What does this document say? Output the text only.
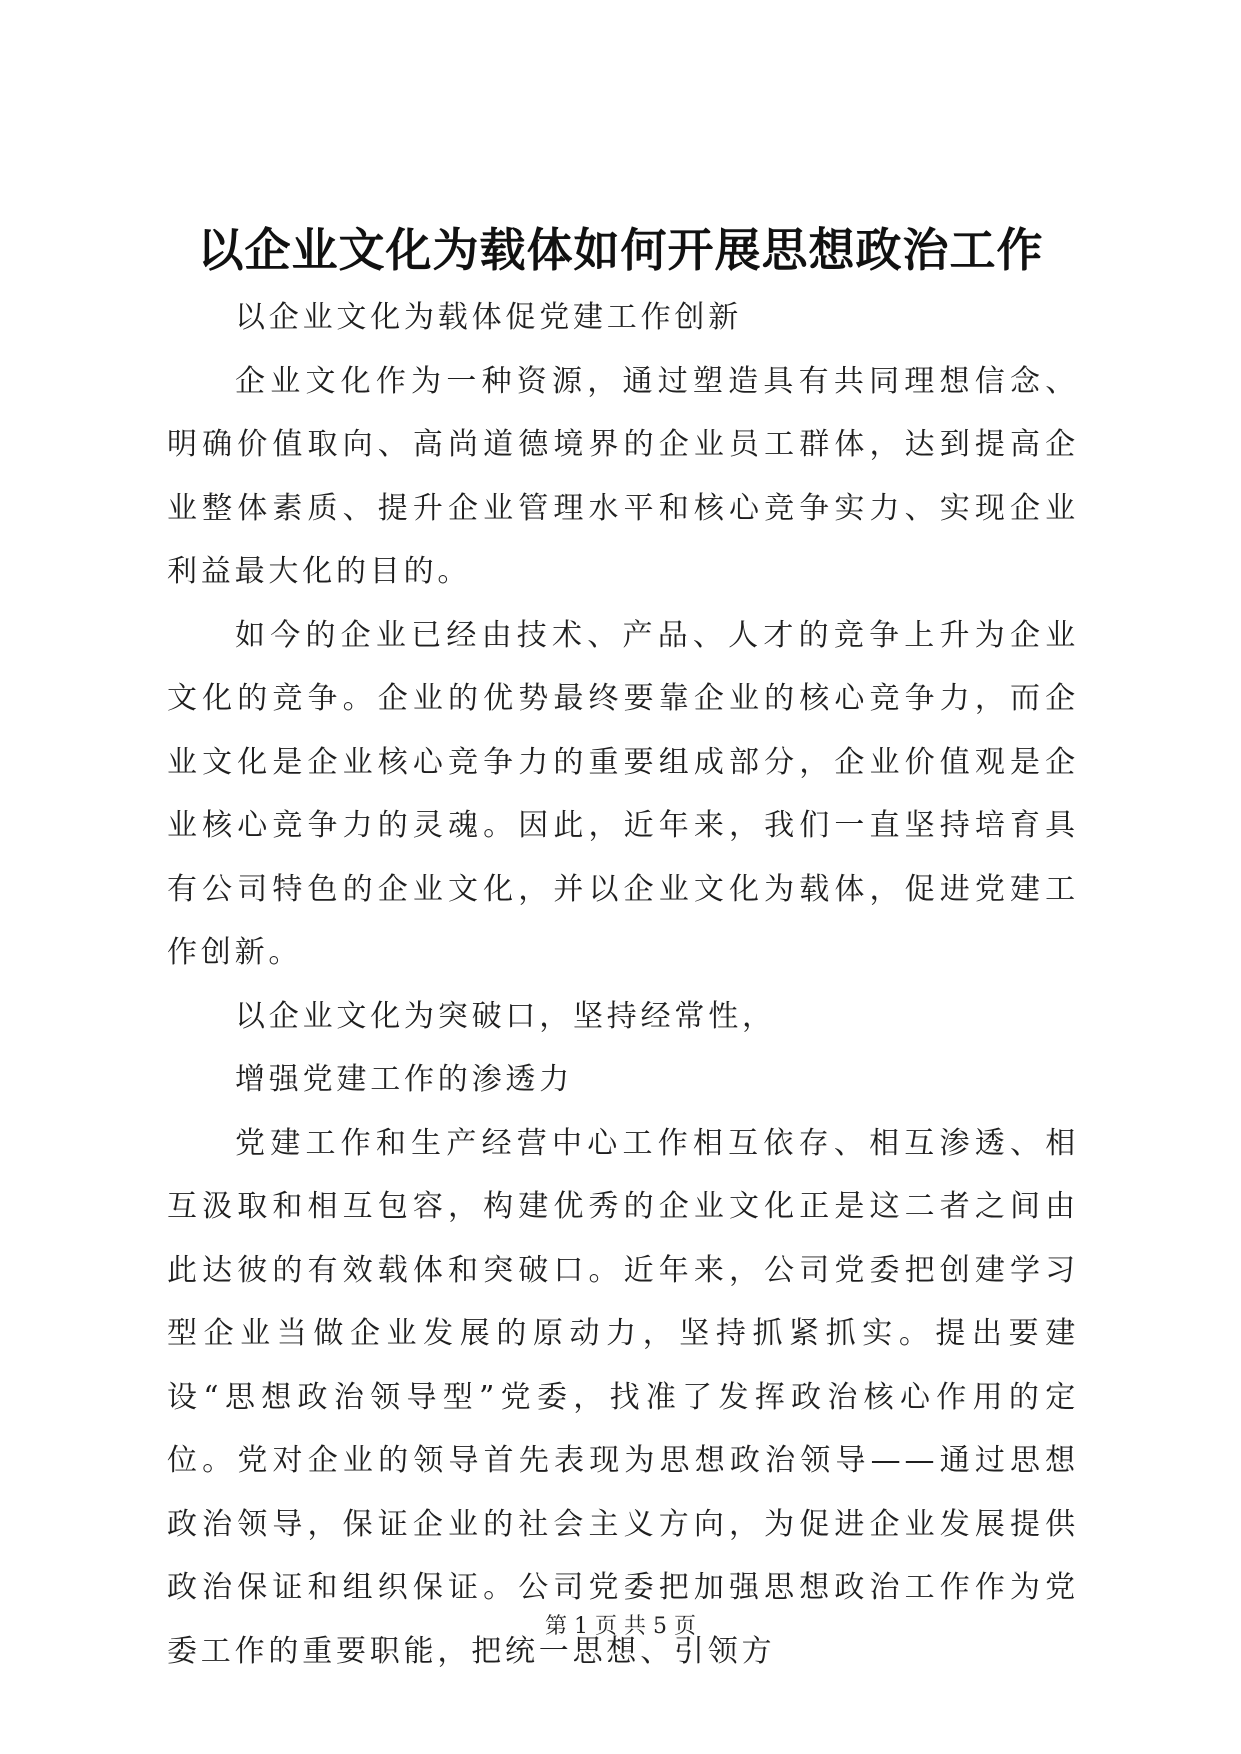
以企业文化为载体如何开展思想政治工作

以企业文化为载体促党建工作创新

企业文化作为一种资源，通过塑造具有共同理想信念、明确价值取向、高尚道德境界的企业员工群体，达到提高企业整体素质、提升企业管理水平和核心竞争实力、实现企业利益最大化的目的。

如今的企业已经由技术、产品、人才的竞争上升为企业文化的竞争。企业的优势最终要靠企业的核心竞争力，而企业文化是企业核心竞争力的重要组成部分，企业价值观是企业核心竞争力的灵魂。因此，近年来，我们一直坚持培育具有公司特色的企业文化，并以企业文化为载体，促进党建工作创新。

以企业文化为突破口，坚持经常性，

增强党建工作的渗透力

党建工作和生产经营中心工作相互依存、相互渗透、相互汲取和相互包容，构建优秀的企业文化正是这二者之间由此达彼的有效载体和突破口。近年来，公司党委把创建学习型企业当做企业发展的原动力，坚持抓紧抓实。提出要建设“思想政治领导型”党委，找准了发挥政治核心作用的定位。党对企业的领导首先表现为思想政治领导——通过思想政治领导，保证企业的社会主义方向，为促进企业发展提供政治保证和组织保证。公司党委把加强思想政治工作作为党委工作的重要职能，把统一思想、引领方

第 1 页 共 5 页
